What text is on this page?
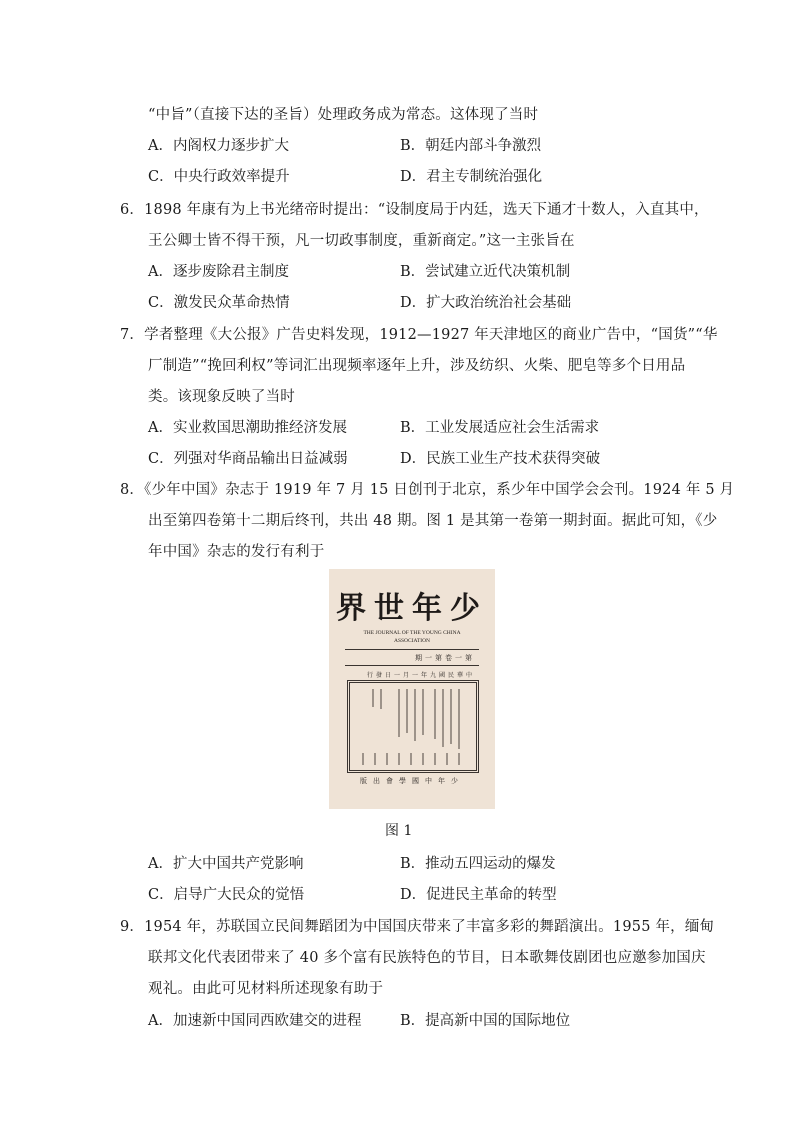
“中旨”（直接下达的圣旨）处理政务成为常态。这体现了当时
A．内阁权力逐步扩大	B．朝廷内部斗争激烈
C．中央行政效率提升	D．君主专制统治强化
6．1898 年康有为上书光绪帝时提出：“设制度局于内廷，选天下通才十数人，入直其中，
王公卿士皆不得干预，凡一切政事制度，重新商定。”这一主张旨在
A．逐步废除君主制度	B．尝试建立近代决策机制
C．激发民众革命热情	D．扩大政治统治社会基础
7．学者整理《大公报》广告史料发现，1912—1927 年天津地区的商业广告中，“国货”“华
厂制造”“挽回利权”等词汇出现频率逐年上升，涉及纺织、火柴、肥皂等多个日用品
类。该现象反映了当时
A．实业救国思潮助推经济发展	B．工业发展适应社会生活需求
C．列强对华商品输出日益减弱	D．民族工业生产技术获得突破
8．《少年中国》杂志于 1919 年 7 月 15 日创刊于北京，系少年中国学会会刊。1924 年 5 月
出至第四卷第十二期后终刊，共出 48 期。图 1 是其第一卷第一期封面。据此可知，《少
年中国》杂志的发行有利于
少年世界
THE JOURNAL OF THE YOUNG CHINA
ASSOCIATION
第一卷第一期
中華民國九年一月一日發行
少年中國學會出版
图 1
A．扩大中国共产党影响	B．推动五四运动的爆发
C．启导广大民众的觉悟	D．促进民主革命的转型
9．1954 年，苏联国立民间舞蹈团为中国国庆带来了丰富多彩的舞蹈演出。1955 年，缅甸
联邦文化代表团带来了 40 多个富有民族特色的节目，日本歌舞伎剧团也应邀参加国庆
观礼。由此可见材料所述现象有助于
A．加速新中国同西欧建交的进程	B．提高新中国的国际地位
